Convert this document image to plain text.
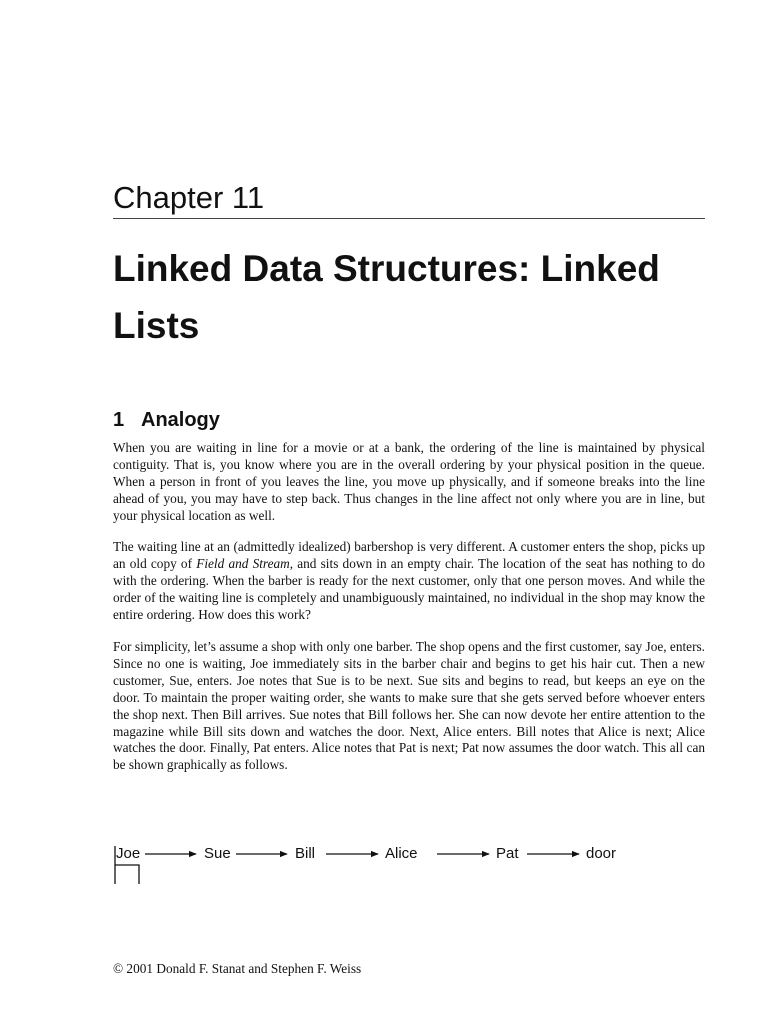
Chapter 11
Linked Data Structures: Linked Lists
1 Analogy

When you are waiting in line for a movie or at a bank, the ordering of the line is maintained by physical contiguity. That is, you know where you are in the overall ordering by your physical position in the queue. When a person in front of you leaves the line, you move up physically, and if someone breaks into the line ahead of you, you may have to step back. Thus changes in the line affect not only where you are in line, but your physical location as well.

The waiting line at an (admittedly idealized) barbershop is very different. A customer enters the shop, picks up an old copy of Field and Stream, and sits down in an empty chair. The location of the seat has nothing to do with the ordering. When the barber is ready for the next customer, only that one person moves. And while the order of the waiting line is completely and unambiguously maintained, no individual in the shop may know the entire ordering. How does this work?

For simplicity, let’s assume a shop with only one barber. The shop opens and the first customer, say Joe, enters. Since no one is waiting, Joe immediately sits in the barber chair and begins to get his hair cut. Then a new customer, Sue, enters. Joe notes that Sue is to be next. Sue sits and begins to read, but keeps an eye on the door. To maintain the proper waiting order, she wants to make sure that she gets served before whoever enters the shop next. Then Bill arrives. Sue notes that Bill follows her. She can now devote her entire attention to the magazine while Bill sits down and watches the door. Next, Alice enters. Bill notes that Alice is next; Alice watches the door. Finally, Pat enters. Alice notes that Pat is next; Pat now assumes the door watch. This all can be shown graphically as follows.

Joe	Sue	Bill	Alice	Pat	door
© 2001 Donald F. Stanat and Stephen F. Weiss
